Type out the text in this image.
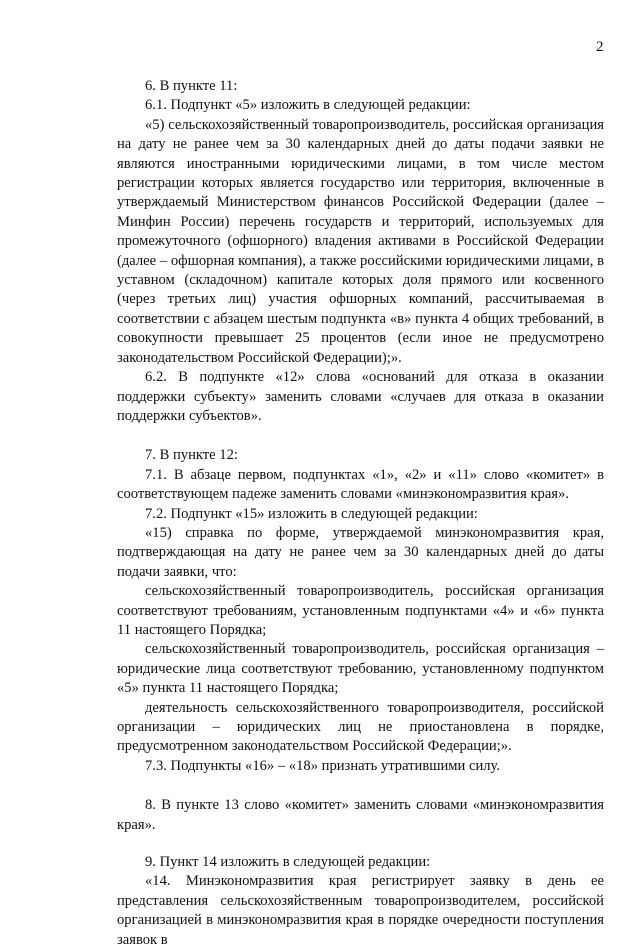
2

6. В пункте 11:

6.1. Подпункт «5» изложить в следующей редакции:

«5) сельскохозяйственный товаропроизводитель, российская организация на дату не ранее чем за 30 календарных дней до даты подачи заявки не являются иностранными юридическими лицами, в том числе местом регистрации которых является государство или территория, включенные в утверждаемый Министерством финансов Российской Федерации (далее – Минфин России) перечень государств и территорий, используемых для промежуточного (офшорного) владения активами в Российской Федерации (далее – офшорная компания), а также российскими юридическими лицами, в уставном (складочном) капитале которых доля прямого или косвенного (через третьих лиц) участия офшорных компаний, рассчитываемая в соответствии с абзацем шестым подпункта «в» пункта 4 общих требований, в совокупности превышает 25 процентов (если иное не предусмотрено законодательством Российской Федерации);».

6.2. В подпункте «12» слова «оснований для отказа в оказании поддержки субъекту» заменить словами «случаев для отказа в оказании поддержки субъектов».

7. В пункте 12:

7.1. В абзаце первом, подпунктах «1», «2» и «11» слово «комитет» в соответствующем падеже заменить словами «минэкономразвития края».

7.2. Подпункт «15» изложить в следующей редакции:

«15) справка по форме, утверждаемой минэкономразвития края, подтверждающая на дату не ранее чем за 30 календарных дней до даты подачи заявки, что:

сельскохозяйственный товаропроизводитель, российская организация соответствуют требованиям, установленным подпунктами «4» и «6» пункта 11 настоящего Порядка;

сельскохозяйственный товаропроизводитель, российская организация – юридические лица соответствуют требованию, установленному подпунктом «5» пункта 11 настоящего Порядка;

деятельность сельскохозяйственного товаропроизводителя, российской организации – юридических лиц не приостановлена в порядке, предусмотренном законодательством Российской Федерации;».

7.3. Подпункты «16» – «18» признать утратившими силу.

8. В пункте 13 слово «комитет» заменить словами «минэкономразвития края».

9. Пункт 14 изложить в следующей редакции:

«14. Минэкономразвития края регистрирует заявку в день ее представления сельскохозяйственным товаропроизводителем, российской организацией в минэкономразвития края в порядке очередности поступления заявок в
